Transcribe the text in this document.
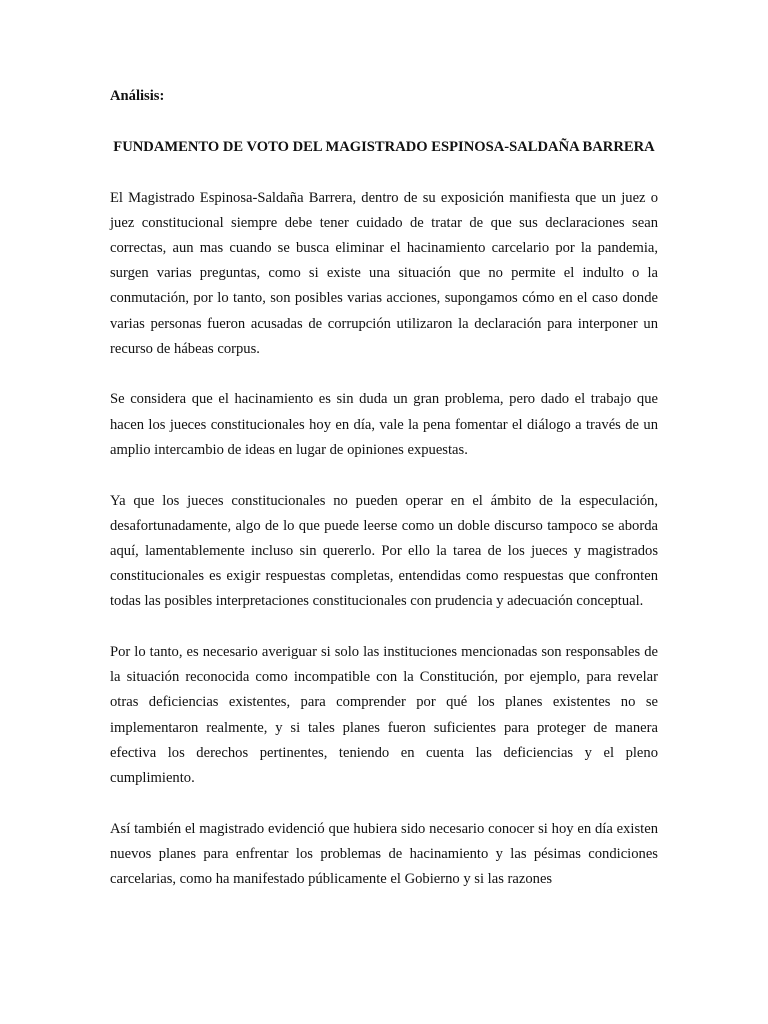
Análisis:
FUNDAMENTO DE VOTO DEL MAGISTRADO ESPINOSA-SALDAÑA BARRERA

El Magistrado Espinosa-Saldaña Barrera, dentro de su exposición manifiesta que un juez o juez constitucional siempre debe tener cuidado de tratar de que sus declaraciones sean correctas, aun mas cuando se busca eliminar el hacinamiento carcelario por la pandemia, surgen varias preguntas, como si existe una situación que no permite el indulto o la conmutación, por lo tanto, son posibles varias acciones, supongamos cómo en el caso donde varias personas fueron acusadas de corrupción utilizaron la declaración para interponer un recurso de hábeas corpus.

Se considera que el hacinamiento es sin duda un gran problema, pero dado el trabajo que hacen los jueces constitucionales hoy en día, vale la pena fomentar el diálogo a través de un amplio intercambio de ideas en lugar de opiniones expuestas.

Ya que los jueces constitucionales no pueden operar en el ámbito de la especulación, desafortunadamente, algo de lo que puede leerse como un doble discurso tampoco se aborda aquí, lamentablemente incluso sin quererlo. Por ello la tarea de los jueces y magistrados constitucionales es exigir respuestas completas, entendidas como respuestas que confronten todas las posibles interpretaciones constitucionales con prudencia y adecuación conceptual.

Por lo tanto, es necesario averiguar si solo las instituciones mencionadas son responsables de la situación reconocida como incompatible con la Constitución, por ejemplo, para revelar otras deficiencias existentes, para comprender por qué los planes existentes no se implementaron realmente, y si tales planes fueron suficientes para proteger de manera efectiva los derechos pertinentes, teniendo en cuenta las deficiencias y el pleno cumplimiento.

Así también el magistrado evidenció que hubiera sido necesario conocer si hoy en día existen nuevos planes para enfrentar los problemas de hacinamiento y las pésimas condiciones carcelarias, como ha manifestado públicamente el Gobierno y si las razones
